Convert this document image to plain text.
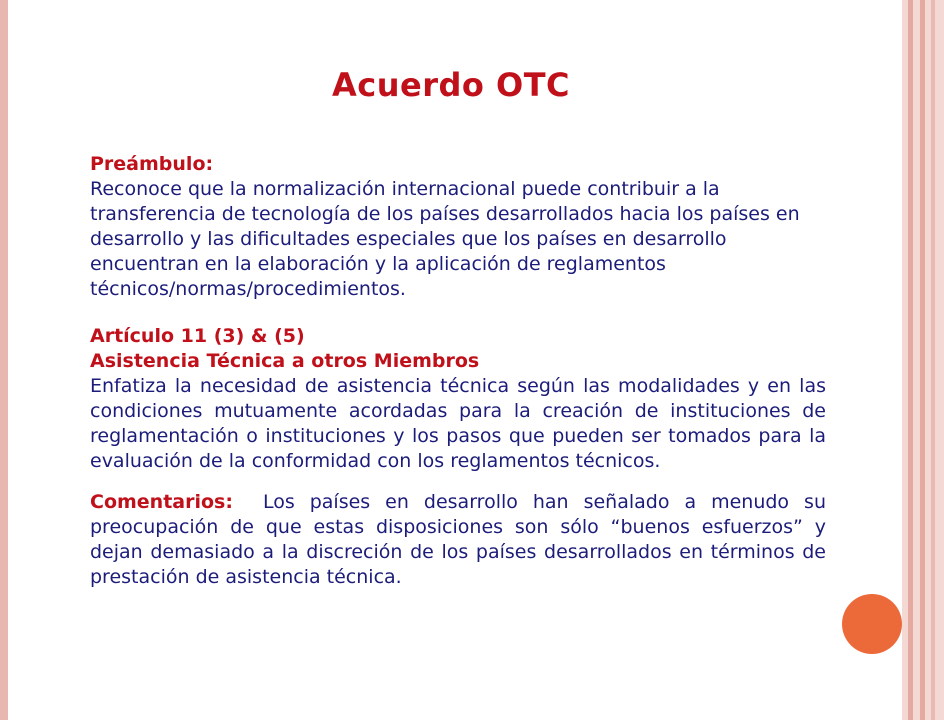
Acuerdo OTC
Preámbulo:

Reconoce que la normalización internacional puede contribuir a la transferencia de tecnología de los países desarrollados hacia los países en desarrollo y las dificultades especiales que los países en desarrollo encuentran en la elaboración y la aplicación de reglamentos técnicos/normas/procedimientos.

Artículo 11 (3) & (5)
Asistencia Técnica a otros Miembros

Enfatiza la necesidad de asistencia técnica según las modalidades y en las condiciones mutuamente acordadas para la creación de instituciones de reglamentación o instituciones y los pasos que pueden ser tomados para la evaluación de la conformidad con los reglamentos técnicos.

Comentarios: Los países en desarrollo han señalado a menudo su preocupación de que estas disposiciones son sólo “buenos esfuerzos” y dejan demasiado a la discreción de los países desarrollados en términos de prestación de asistencia técnica.
